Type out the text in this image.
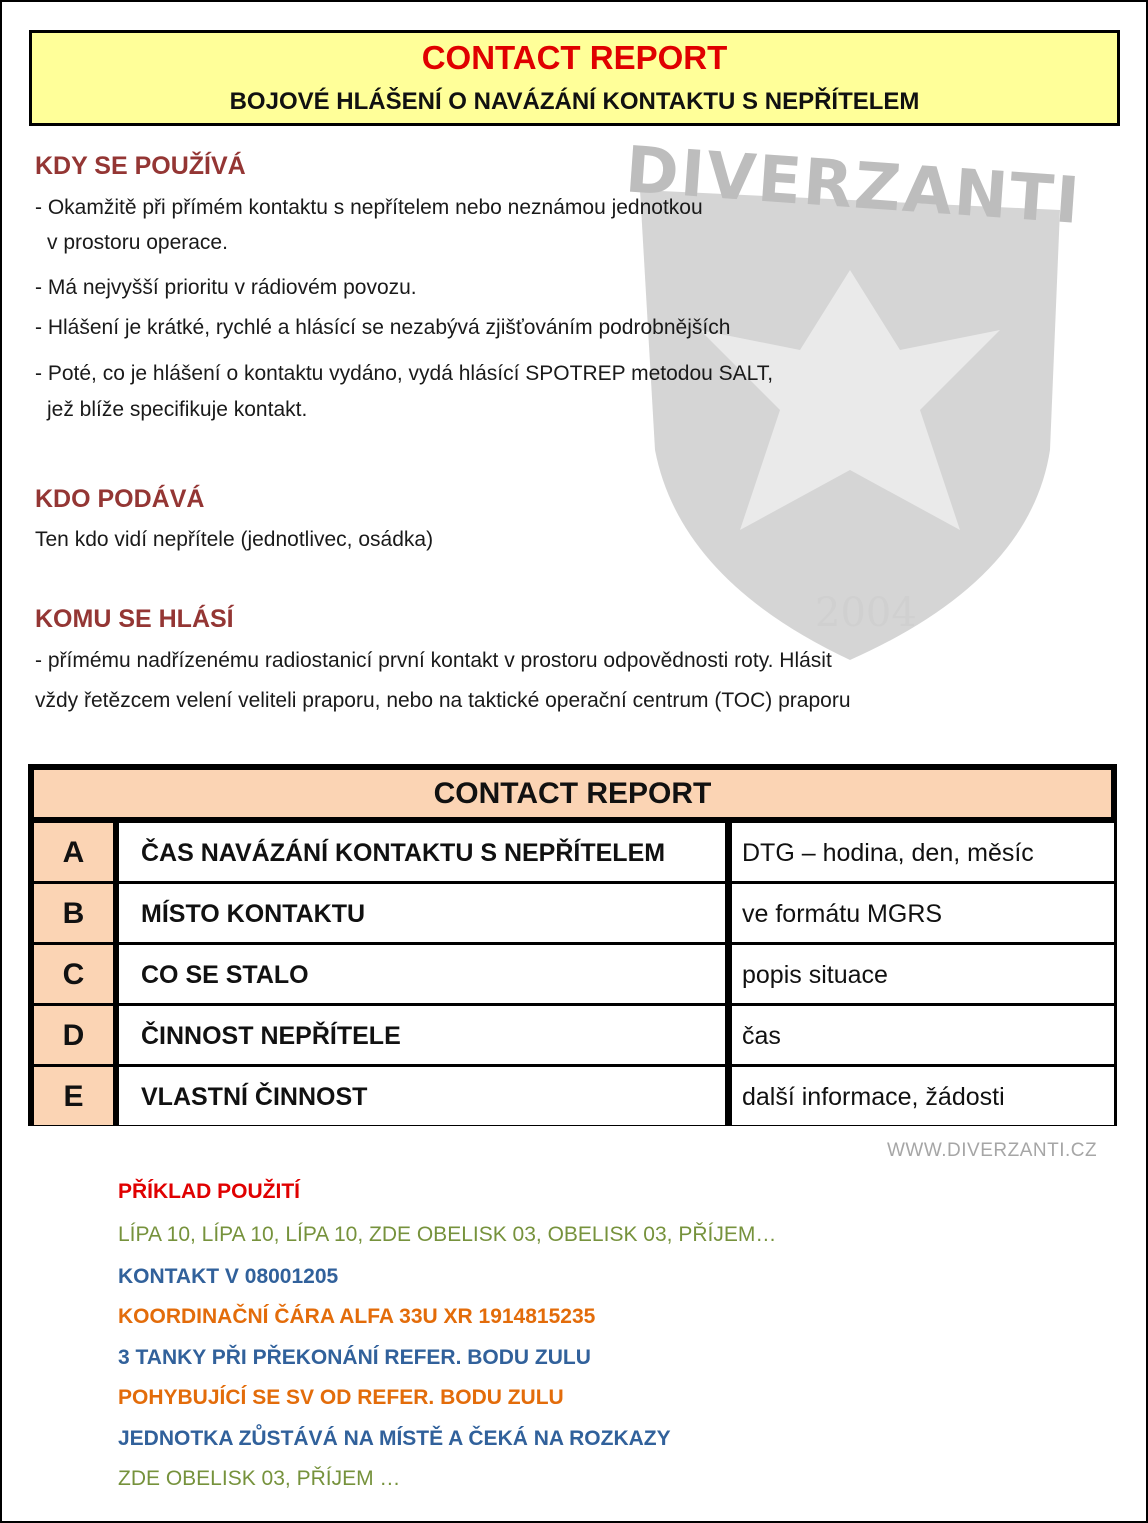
DIVERZANTI
2004
CONTACT REPORT
BOJOVÉ HLÁŠENÍ O NAVÁZÁNÍ KONTAKTU S NEPŘÍTELEM
KDY SE POUŽÍVÁ
- Okamžitě při přímém kontaktu s nepřítelem nebo neznámou jednotkou
v prostoru operace.
- Má nejvyšší prioritu v rádiovém povozu.
- Hlášení je krátké, rychlé a hlásící se nezabývá zjišťováním podrobnějších
- Poté, co je hlášení o kontaktu vydáno, vydá hlásící SPOTREP metodou SALT,
jež blíže specifikuje kontakt.
KDO PODÁVÁ
Ten kdo vidí nepřítele (jednotlivec, osádka)
KOMU SE HLÁSÍ
- přímému nadřízenému radiostanicí první kontakt v prostoru odpovědnosti roty. Hlásit
vždy řetězcem velení veliteli praporu, nebo na taktické operační centrum (TOC) praporu
CONTACT REPORT
A	ČAS NAVÁZÁNÍ KONTAKTU S NEPŘÍTELEM	DTG – hodina, den, měsíc
B	MÍSTO KONTAKTU	ve formátu MGRS
C	CO SE STALO	popis situace
D	ČINNOST NEPŘÍTELE	čas
E	VLASTNÍ ČINNOST	další informace, žádosti
WWW.DIVERZANTI.CZ
PŘÍKLAD POUŽITÍ
LÍPA 10, LÍPA 10, LÍPA 10, ZDE OBELISK 03, OBELISK 03, PŘÍJEM…
KONTAKT V 08001205
KOORDINAČNÍ ČÁRA ALFA 33U XR 1914815235
3 TANKY PŘI PŘEKONÁNÍ REFER. BODU ZULU
POHYBUJÍCÍ SE SV OD REFER. BODU ZULU
JEDNOTKA ZŮSTÁVÁ NA MÍSTĚ A ČEKÁ NA ROZKAZY
ZDE OBELISK 03, PŘÍJEM …
